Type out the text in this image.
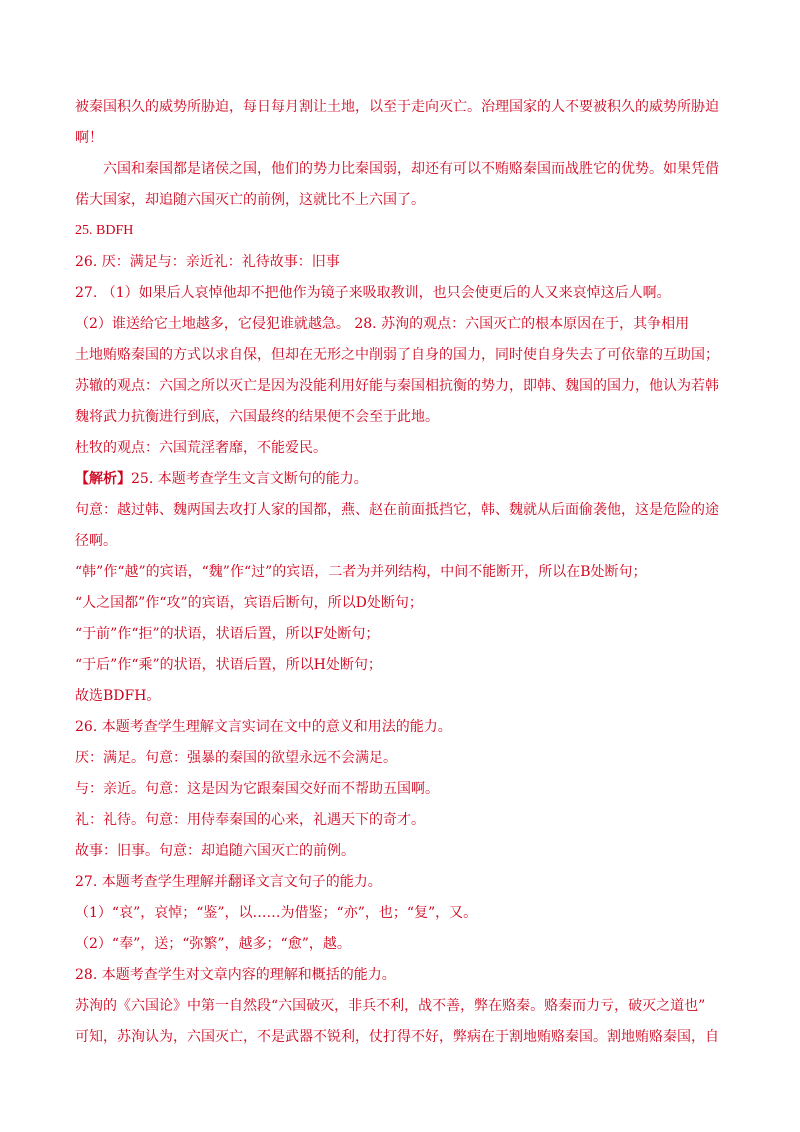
被秦国积久的威势所胁迫，每日每月割让土地，以至于走向灭亡。治理国家的人不要被积久的威势所胁迫
啊！
六国和秦国都是诸侯之国，他们的势力比秦国弱，却还有可以不贿赂秦国而战胜它的优势。如果凭借
偌大国家，却追随六国灭亡的前例，这就比不上六国了。
25. BDFH
26. 厌：满足与：亲近礼：礼待故事：旧事
27. （1）如果后人哀悼他却不把他作为镜子来吸取教训，也只会使更后的人又来哀悼这后人啊。
（2）谁送给它土地越多，它侵犯谁就越急。 28. 苏洵的观点：六国灭亡的根本原因在于，其争相用
土地贿赂秦国的方式以求自保，但却在无形之中削弱了自身的国力，同时使自身失去了可依靠的互助国；
苏辙的观点：六国之所以灭亡是因为没能利用好能与秦国相抗衡的势力，即韩、魏国的国力，他认为若韩
魏将武力抗衡进行到底，六国最终的结果便不会至于此地。
杜牧的观点：六国荒淫奢靡，不能爱民。
【解析】25. 本题考查学生文言文断句的能力。
句意：越过韩、魏两国去攻打人家的国都，燕、赵在前面抵挡它，韩、魏就从后面偷袭他，这是危险的途
径啊。
“韩”作“越”的宾语，“魏”作“过”的宾语，二者为并列结构，中间不能断开，所以在B处断句；
“人之国都”作“攻”的宾语，宾语后断句，所以D处断句；
“于前”作“拒”的状语，状语后置，所以F处断句；
“于后”作“乘”的状语，状语后置，所以H处断句；
故选BDFH。
26. 本题考查学生理解文言实词在文中的意义和用法的能力。
厌：满足。句意：强暴的秦国的欲望永远不会满足。
与：亲近。句意：这是因为它跟秦国交好而不帮助五国啊。
礼：礼待。句意：用侍奉秦国的心来，礼遇天下的奇才。
故事：旧事。句意：却追随六国灭亡的前例。
27. 本题考查学生理解并翻译文言文句子的能力。
（1）“哀”，哀悼；“鉴”，以……为借鉴；“亦”，也；“复”，又。
（2）“奉”，送；“弥繁”，越多；“愈”，越。
28. 本题考查学生对文章内容的理解和概括的能力。
苏洵的《六国论》中第一自然段“六国破灭，非兵不利，战不善，弊在赂秦。赂秦而力亏，破灭之道也”
可知，苏洵认为，六国灭亡，不是武器不锐利，仗打得不好，弊病在于割地贿赂秦国。割地贿赂秦国，自
